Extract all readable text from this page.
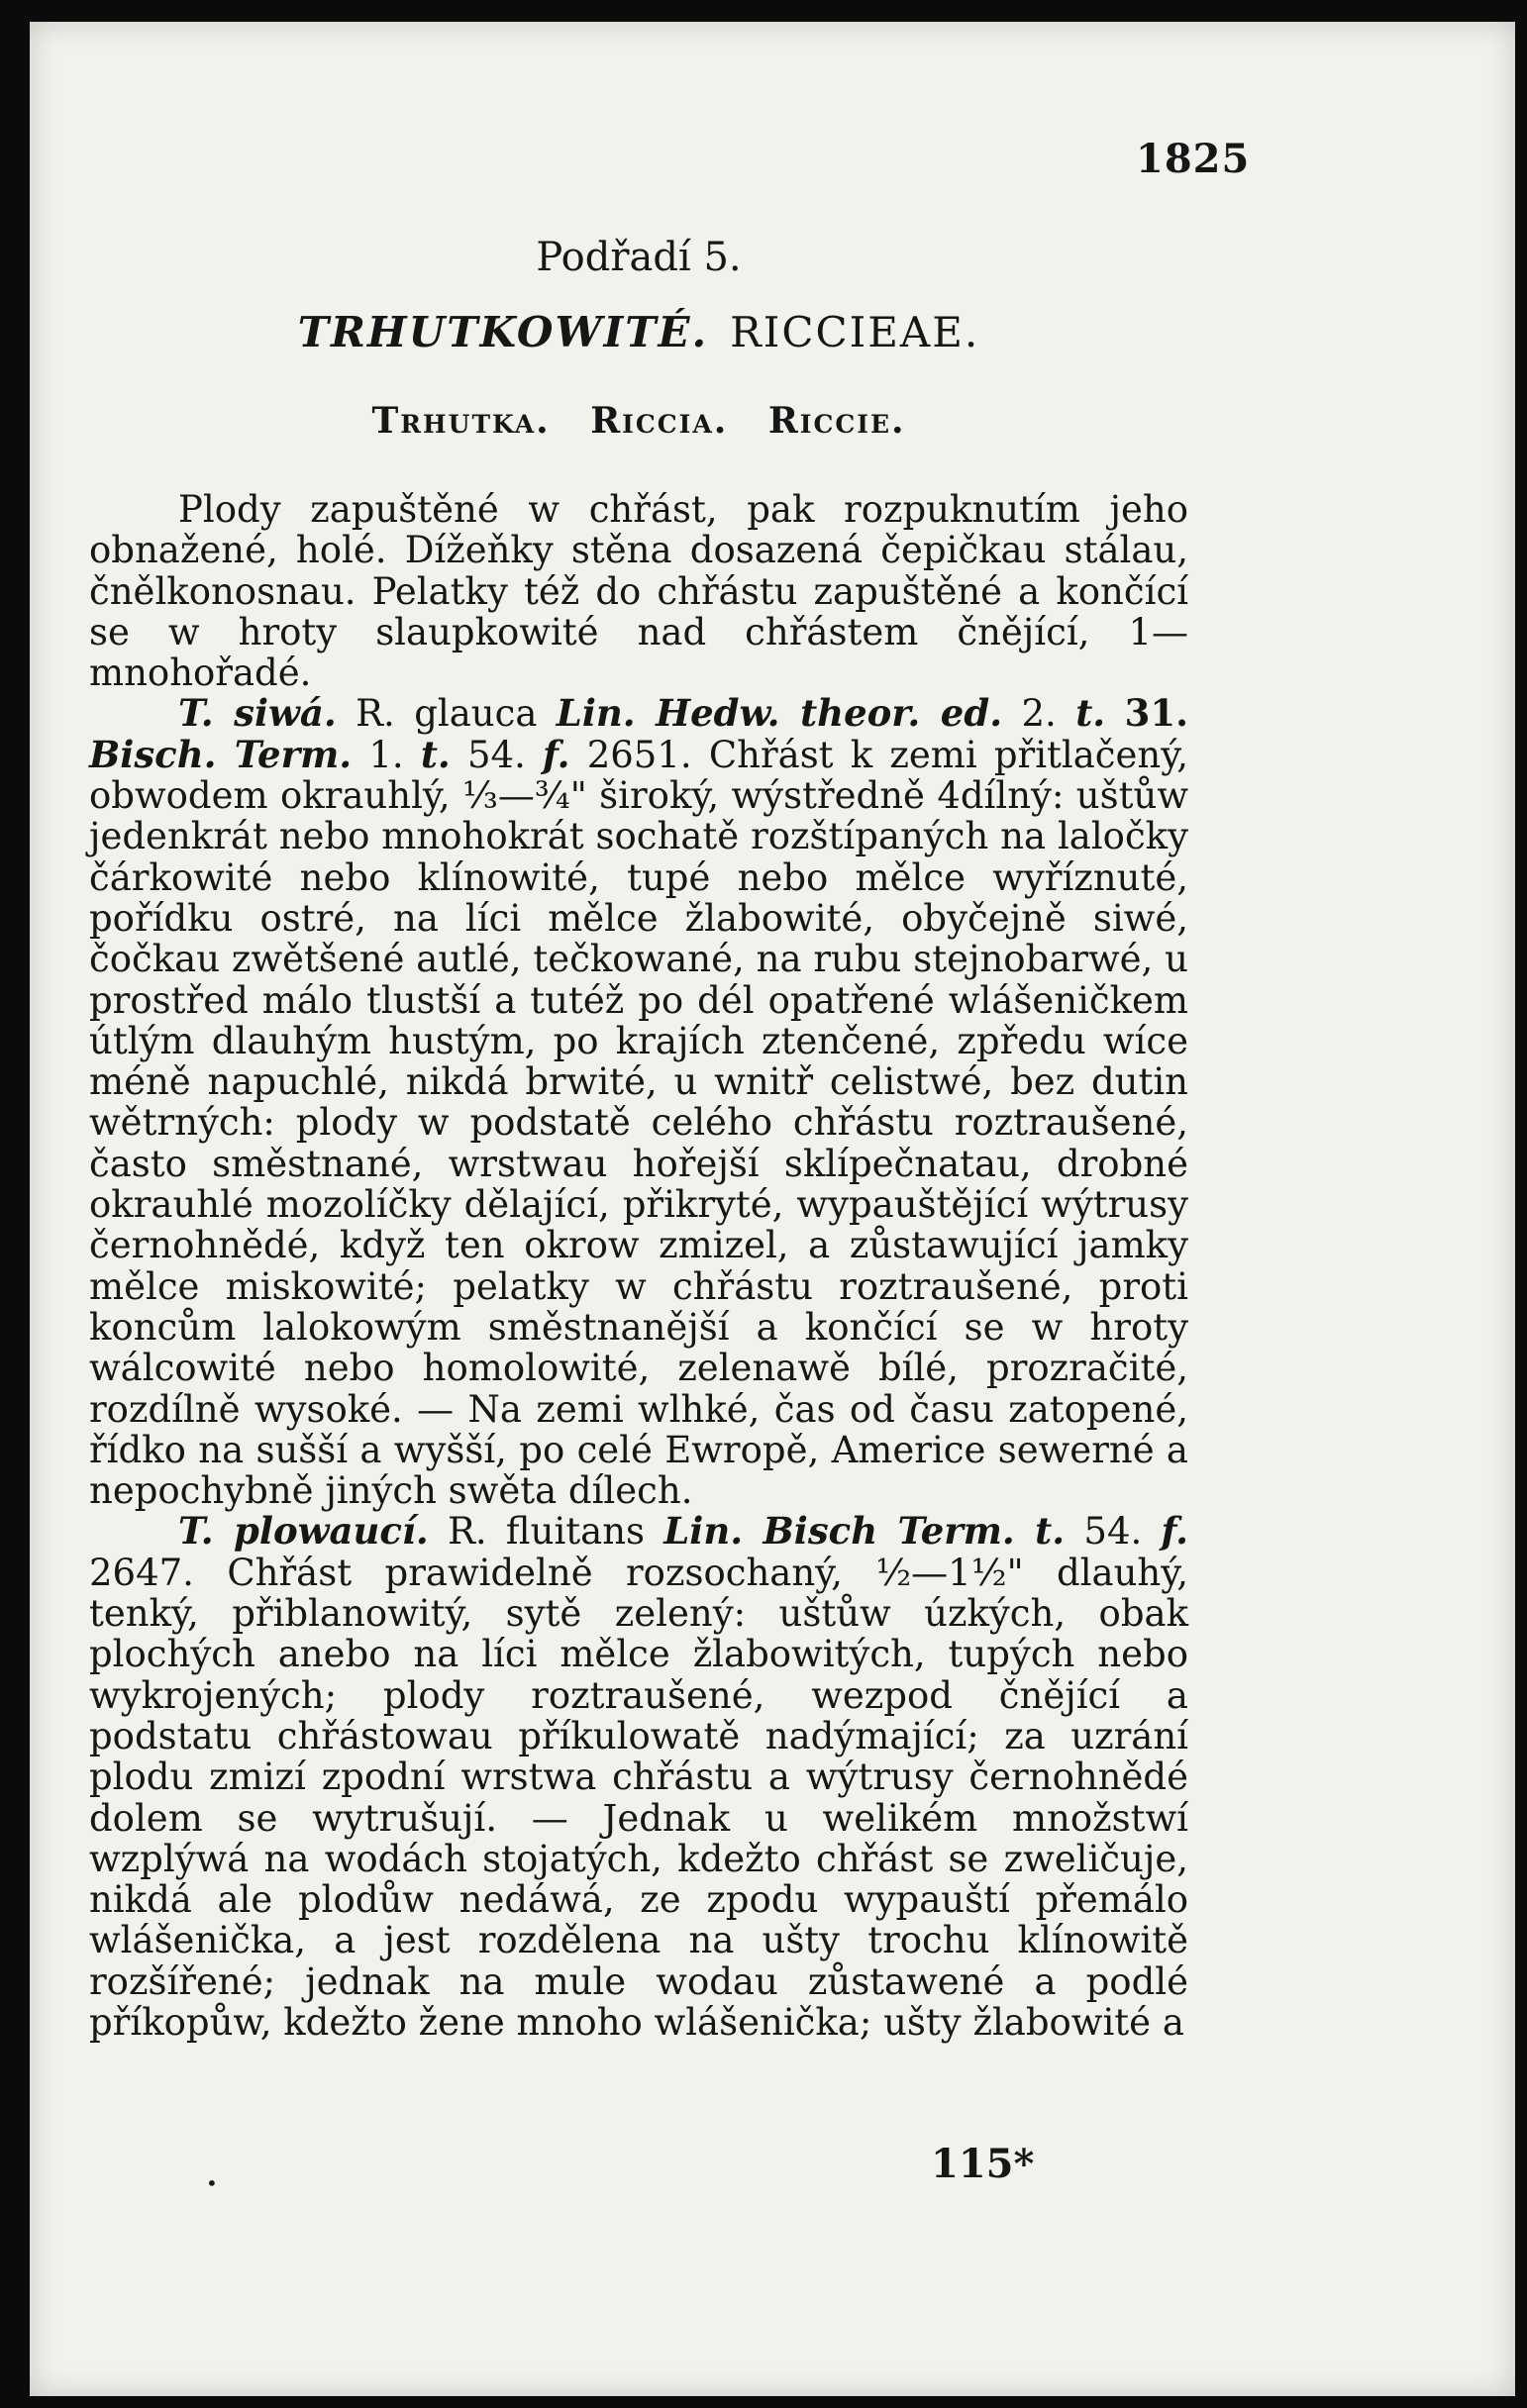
1825
Podřadí 5.
TRHUTKOWITÉ. RICCIEAE.
Trhutka. Riccia. Riccie.

Plody zapuštěné w chřást, pak rozpuknutím jeho obnažené, holé. Dížeňky stěna dosazená čepičkau stálau, čnělkonosnau. Pelatky též do chřástu zapuštěné a končící se w hroty slaupkowité nad chřástem čnějící, 1—mnohořadé.

T. siwá. R. glauca Lin. Hedw. theor. ed. 2. t. 31. Bisch. Term. 1. t. 54. f. 2651. Chřást k zemi přitlačený, obwodem okrauhlý, ⅓—¾" široký, wýstředně 4dílný: uštůw jedenkrát nebo mnohokrát sochatě rozštípaných na laločky čárkowité nebo klínowité, tupé nebo mělce wyříznuté, pořídku ostré, na líci mělce žlabowité, obyčejně siwé, čočkau zwětšené autlé, tečkowané, na rubu stejnobarwé, u prostřed málo tlustší a tutéž po dél opatřené wlášeničkem útlým dlauhým hustým, po krajích ztenčené, zpředu wíce méně napuchlé, nikdá brwité, u wnitř celistwé, bez dutin wětrných: plody w podstatě celého chřástu roztraušené, často směstnané, wrstwau hořejší sklípečnatau, drobné okrauhlé mozolíčky dělající, přikryté, wypauštějící wýtrusy černohnědé, když ten okrow zmizel, a zůstawující jamky mělce miskowité; pelatky w chřástu roztraušené, proti koncům lalokowým směstnanější a končící se w hroty wálcowité nebo homolowité, zelenawě bílé, prozračité, rozdílně wysoké. — Na zemi wlhké, čas od času zatopené, řídko na sušší a wyšší, po celé Ewropě, Americe sewerné a nepochybně jiných swěta dílech.

T. plowaucí. R. fluitans Lin. Bisch Term. t. 54. f. 2647. Chřást prawidelně rozsochaný, ½—1½" dlauhý, tenký, přiblanowitý, sytě zelený: uštůw úzkých, obak plochých anebo na líci mělce žlabowitých, tupých nebo wykrojených; plody roztraušené, wezpod čnějící a podstatu chřástowau příkulowatě nadýmající; za uzrání plodu zmizí zpodní wrstwa chřástu a wýtrusy černohnědé dolem se wytrušují. — Jednak u welikém množstwí wzplýwá na wodách stojatých, kdežto chřást se zweličuje, nikdá ale plodůw nedáwá, ze zpodu wypauští přemálo wlášenička, a jest rozdělena na ušty trochu klínowitě rozšířené; jednak na mule wodau zůstawené a podlé příkopůw, kdežto žene mnoho wlášenička; ušty žlabowité a

•	115*
